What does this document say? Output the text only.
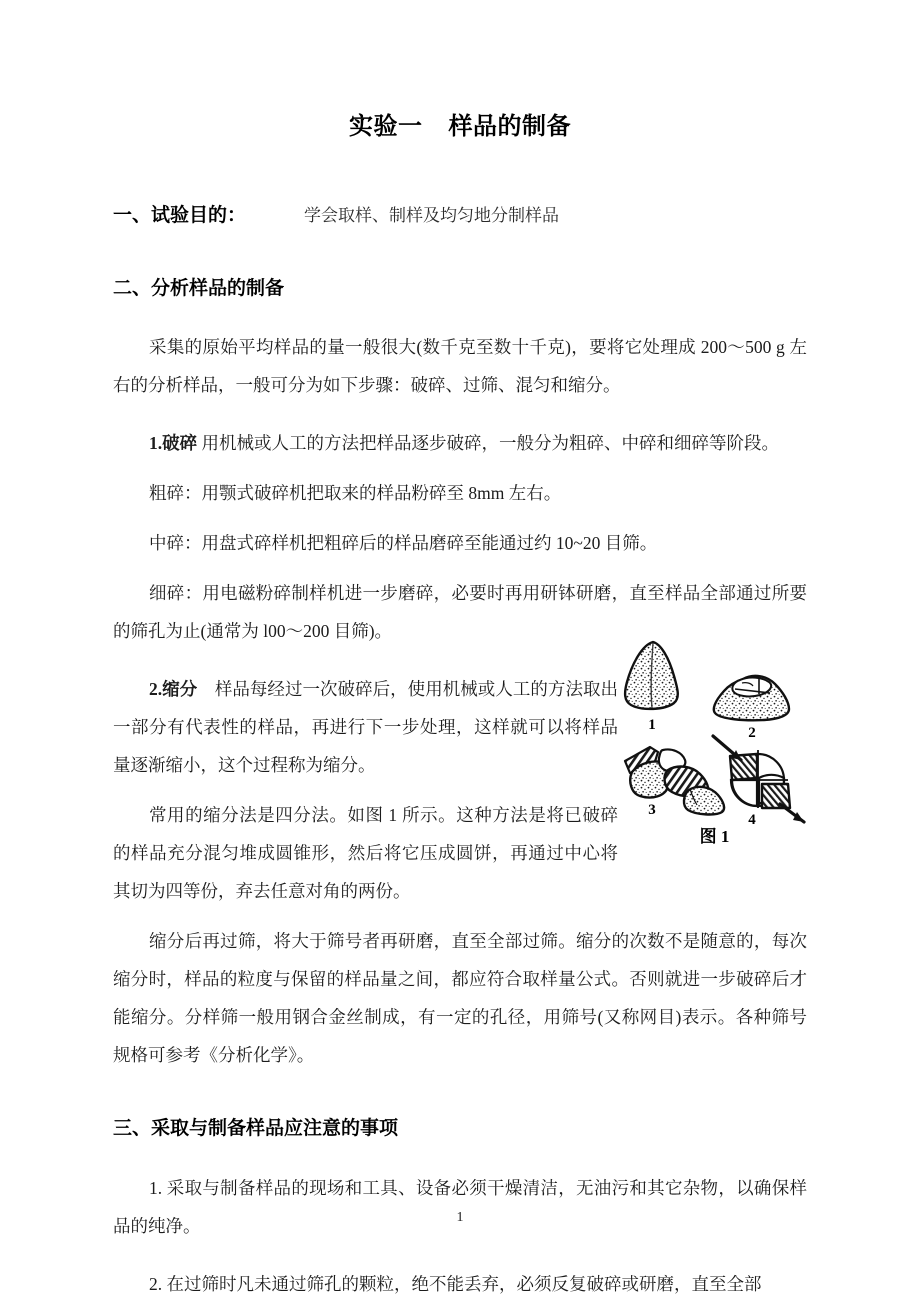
实验一 样品的制备
一、试验目的：	学会取样、制样及均匀地分制样品
二、分析样品的制备

采集的原始平均样品的量一般很大(数千克至数十千克)，要将它处理成 200～500 g 左右的分析样品，一般可分为如下步骤：破碎、过筛、混匀和缩分。

1.破碎 用机械或人工的方法把样品逐步破碎，一般分为粗碎、中碎和细碎等阶段。

粗碎：用颚式破碎机把取来的样品粉碎至 8mm 左右。

中碎：用盘式碎样机把粗碎后的样品磨碎至能通过约 10~20 目筛。

细碎：用电磁粉碎制样机进一步磨碎，必要时再用研钵研磨，直至样品全部通过所要的筛孔为止(通常为 l00～200 目筛)。

2.缩分 样品每经过一次破碎后，使用机械或人工的方法取出一部分有代表性的样品，再进行下一步处理，这样就可以将样品量逐渐缩小，这个过程称为缩分。

常用的缩分法是四分法。如图 1 所示。这种方法是将已破碎的样品充分混匀堆成圆锥形，然后将它压成圆饼，再通过中心将其切为四等份，弃去任意对角的两份。

缩分后再过筛，将大于筛号者再研磨，直至全部过筛。缩分的次数不是随意的，每次缩分时，样品的粒度与保留的样品量之间，都应符合取样量公式。否则就进一步破碎后才能缩分。分样筛一般用钢合金丝制成，有一定的孔径，用筛号(又称网目)表示。各种筛号规格可参考《分析化学》。

三、采取与制备样品应注意的事项

1. 采取与制备样品的现场和工具、设备必须干燥清洁，无油污和其它杂物，以确保样品的纯净。

2. 在过筛时凡未通过筛孔的颗粒，绝不能丢弃，必须反复破碎或研磨，直至全部

1	2
3
4
图 1
1
